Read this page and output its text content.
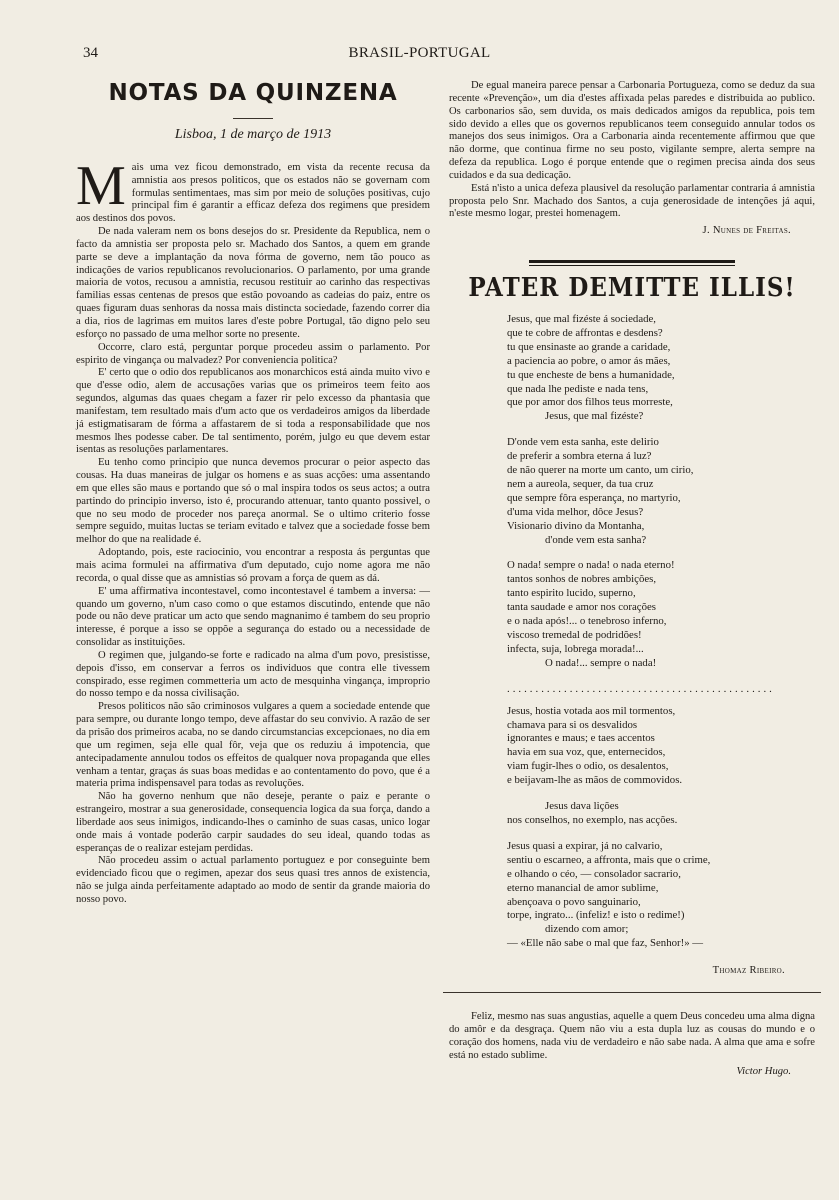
34	BRASIL-PORTUGAL
NOTAS DA QUINZENA
Lisboa, 1 de março de 1913

Mais uma vez ficou demonstrado, em vista da recente recusa da amnistia aos presos politicos, que os estados não se governam com formulas sentimentaes, mas sim por meio de soluções positivas, cujo principal fim é garantir a efficaz defeza dos regimens que presidem aos destinos dos povos.

De nada valeram nem os bons desejos do sr. Presidente da Republica, nem o facto da amnistia ser proposta pelo sr. Machado dos Santos, a quem em grande parte se deve a implantação da nova fórma de governo, nem tão pouco as indicações de varios republicanos revolucionarios. O parlamento, por uma grande maioria de votos, recusou a amnistia, recusou restituir ao carinho das respectivas familias essas centenas de presos que estão povoando as cadeias do paiz, entre os quaes figuram duas senhoras da nossa mais distincta sociedade, fazendo correr dia a dia, rios de lagrimas em muitos lares d'este pobre Portugal, tão digno pelo seu esforço no passado de uma melhor sorte no presente.

Occorre, claro está, perguntar porque procedeu assim o parlamento. Por espirito de vingança ou malvadez? Por conveniencia politica?

E' certo que o odio dos republicanos aos monarchicos está ainda muito vivo e que d'esse odio, alem de accusações varias que os primeiros teem feito aos segundos, algumas das quaes chegam a fazer rir pelo excesso da phantasia que manifestam, tem resultado mais d'um acto que os verdadeiros amigos da liberdade já estigmatisaram de fórma a affastarem de si toda a responsabilidade que nos mesmos lhes podesse caber. De tal sentimento, porém, julgo eu que devem estar isentas as resoluções parlamentares.

Eu tenho como principio que nunca devemos procurar o peior aspecto das cousas. Ha duas maneiras de julgar os homens e as suas acções: uma assentando em que elles são maus e portando que só o mal inspira todos os seus actos; a outra partindo do principio inverso, isto é, procurando attenuar, tanto quanto possivel, o que no seu modo de proceder nos pareça anormal. Se o ultimo criterio fosse sempre seguido, muitas luctas se teriam evitado e talvez que a sociedade fosse bem melhor do que na realidade é.

Adoptando, pois, este raciocinio, vou encontrar a resposta ás perguntas que mais acima formulei na affirmativa d'um deputado, cujo nome agora me não recorda, o qual disse que as amnistias só provam a força de quem as dá.

E' uma affirmativa incontestavel, como incontestavel é tambem a inversa: — quando um governo, n'um caso como o que estamos discutindo, entende que não pode ou não deve praticar um acto que sendo magnanimo é tambem do seu proprio interesse, é porque a isso se oppõe a segurança do estado ou a necessidade de consolidar as instituições.

O regimen que, julgando-se forte e radicado na alma d'um povo, presistisse, depois d'isso, em conservar a ferros os individuos que contra elle tivessem conspirado, esse regimen commetteria um acto de mesquinha vingança, improprio do nosso tempo e da nossa civilisação.

Presos politicos não são criminosos vulgares a quem a sociedade entende que para sempre, ou durante longo tempo, deve affastar do seu convivio. A razão de ser da prisão dos primeiros acaba, no se dando circumstancias excepcionaes, no dia em que um regimen, seja elle qual fôr, veja que os reduziu á impotencia, que antecipadamente annulou todos os effeitos de qualquer nova propaganda que elles venham a tentar, graças ás suas boas medidas e ao contentamento do povo, que é a materia prima indispensavel para todas as revoluções.

Não ha governo nenhum que não deseje, perante o paiz e perante o estrangeiro, mostrar a sua generosidade, consequencia logica da sua força, dando a liberdade aos seus inimigos, indicando-lhes o caminho de suas casas, unico logar onde mais á vontade poderão carpir saudades do seu ideal, quando todas as esperanças de o realizar estejam perdidas.

Não procedeu assim o actual parlamento portuguez e por conseguinte bem evidenciado ficou que o regimen, apezar dos seus quasi tres annos de existencia, não se julga ainda perfeitamente adaptado ao modo de sentir da grande maioria do nosso povo.

De egual maneira parece pensar a Carbonaria Portugueza, como se deduz da sua recente «Prevenção», um dia d'estes affixada pelas paredes e distribuida ao publico. Os carbonarios são, sem duvida, os mais dedicados amigos da republica, pois tem sido devido a elles que os governos republicanos teem conseguido annular todos os manejos dos seus inimigos. Ora a Carbonaria ainda recentemente affirmou que que não dorme, que continua firme no seu posto, vigilante sempre, alerta sempre na defeza da republica. Logo é porque entende que o regimen precisa ainda dos seus cuidados e da sua dedicação.

Está n'isto a unica defeza plausivel da resolução parlamentar contraria á amnistia proposta pelo Snr. Machado dos Santos, a cuja generosidade de intenções já aqui, n'este mesmo logar, prestei homenagem.

J. Nunes de Freitas.
PATER DEMITTE ILLIS!
Jesus, que mal fizéste á sociedade,
que te cobre de affrontas e desdens?
tu que ensinaste ao grande a caridade,
a paciencia ao pobre, o amor ás mães,
tu que encheste de bens a humanidade,
que nada lhe pediste e nada tens,
que por amor dos filhos teus morreste,
Jesus, que mal fizéste?
D'onde vem esta sanha, este delirio
de preferir a sombra eterna á luz?
de não querer na morte um canto, um cirio,
nem a aureola, sequer, da tua cruz
que sempre fôra esperança, no martyrio,
d'uma vida melhor, dôce Jesus?
Visionario divino da Montanha,
d'onde vem esta sanha?
O nada! sempre o nada! o nada eterno!
tantos sonhos de nobres ambições,
tanto espirito lucido, superno,
tanta saudade e amor nos corações
e o nada após!... o tenebroso inferno,
viscoso tremedal de podridões!
infecta, suja, lobrega morada!...
O nada!... sempre o nada!
...............................................
Jesus, hostia votada aos mil tormentos,
chamava para si os desvalidos
ignorantes e maus; e taes accentos
havia em sua voz, que, enternecidos,
viam fugir-lhes o odio, os desalentos,
e beijavam-lhe as mãos de commovidos.
Jesus dava lições
nos conselhos, no exemplo, nas acções.
Jesus quasi a expirar, já no calvario,
sentiu o escarneo, a affronta, mais que o crime,
e olhando o céo, — consolador sacrario,
eterno manancial de amor sublime,
abençoava o povo sanguinario,
torpe, ingrato... (infeliz! e isto o redime!)
dizendo com amor;
— «Elle não sabe o mal que faz, Senhor!» —
Thomaz Ribeiro.

Feliz, mesmo nas suas angustias, aquelle a quem Deus concedeu uma alma digna do amôr e da desgraça. Quem não viu a esta dupla luz as cousas do mundo e o coração dos homens, nada viu de verdadeiro e não sabe nada. A alma que ama e sofre está no estado sublime.

Victor Hugo.
